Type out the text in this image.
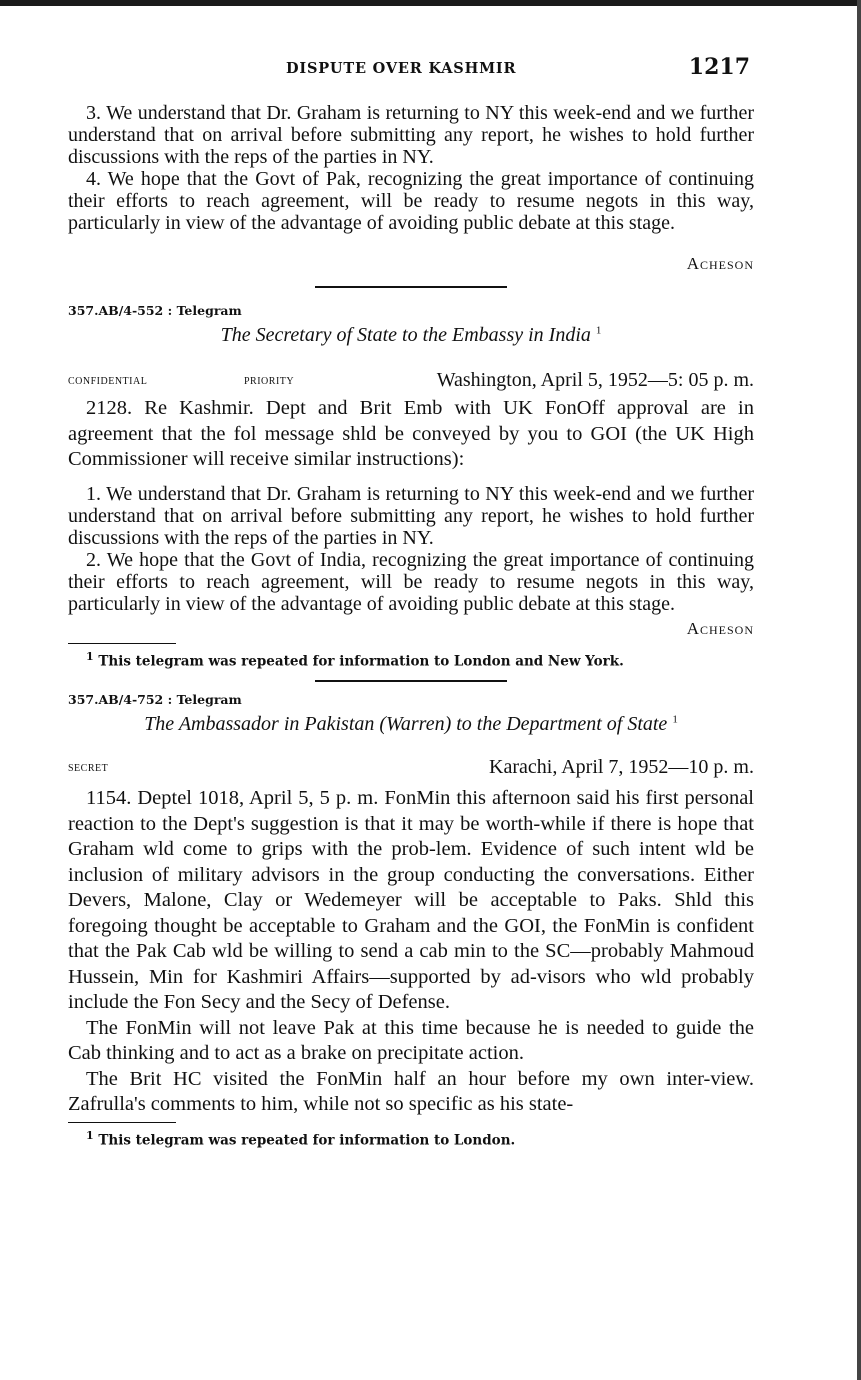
DISPUTE OVER KASHMIR	1217

3. We understand that Dr. Graham is returning to NY this week-end and we further understand that on arrival before submitting any report, he wishes to hold further discussions with the reps of the parties in NY.

4. We hope that the Govt of Pak, recognizing the great importance of continuing their efforts to reach agreement, will be ready to resume negots in this way, particularly in view of the advantage of avoiding public debate at this stage.

Acheson

357.AB/4-552 : Telegram

The Secretary of State to the Embassy in India $^1$

confidential	priority	Washington, April 5, 1952—5: 05 p. m.

2128. Re Kashmir. Dept and Brit Emb with UK FonOff approval are in agreement that the fol message shld be conveyed by you to GOI (the UK High Commissioner will receive similar instructions):

1. We understand that Dr. Graham is returning to NY this week-end and we further understand that on arrival before submitting any report, he wishes to hold further discussions with the reps of the parties in NY.

2. We hope that the Govt of India, recognizing the great importance of continuing their efforts to reach agreement, will be ready to resume negots in this way, particularly in view of the advantage of avoiding public debate at this stage.

Acheson

$^1$ This telegram was repeated for information to London and New York.

357.AB/4-752 : Telegram

The Ambassador in Pakistan (Warren) to the Department of State $^1$

secret	Karachi, April 7, 1952—10 p. m.

1154. Deptel 1018, April 5, 5 p. m. FonMin this afternoon said his first personal reaction to the Dept's suggestion is that it may be worth-while if there is hope that Graham wld come to grips with the prob-lem. Evidence of such intent wld be inclusion of military advisors in the group conducting the conversations. Either Devers, Malone, Clay or Wedemeyer will be acceptable to Paks. Shld this foregoing thought be acceptable to Graham and the GOI, the FonMin is confident that the Pak Cab wld be willing to send a cab min to the SC—probably Mahmoud Hussein, Min for Kashmiri Affairs—supported by ad-visors who wld probably include the Fon Secy and the Secy of Defense.

The FonMin will not leave Pak at this time because he is needed to guide the Cab thinking and to act as a brake on precipitate action.

The Brit HC visited the FonMin half an hour before my own inter-view. Zafrulla's comments to him, while not so specific as his state-

$^1$ This telegram was repeated for information to London.
